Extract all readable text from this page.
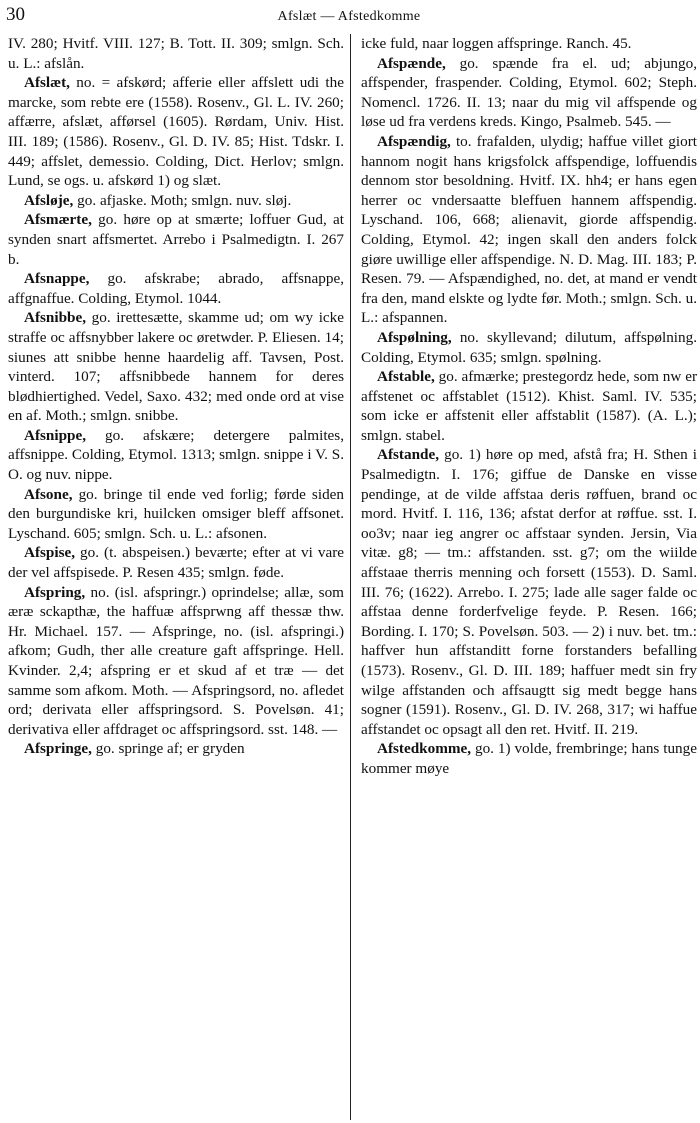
30	Afslæt — Afstedkomme

IV. 280; Hvitf. VIII. 127; B. Tott. II. 309; smlgn. Sch. u. L.: afslån.

Afslæt, no. = afskørd; afferie eller affslett udi the marcke, som rebte ere (1558). Rosenv., Gl. L. IV. 260; affærre, afslæt, afførsel (1605). Rørdam, Univ. Hist. III. 189; (1586). Rosenv., Gl. D. IV. 85; Hist. Tdskr. I. 449; affslet, demessio. Colding, Dict. Herlov; smlgn. Lund, se ogs. u. afskørd 1) og slæt.

Afsløje, go. afjaske. Moth; smlgn. nuv. sløj.

Afsmærte, go. høre op at smærte; loffuer Gud, at synden snart affsmertet. Arrebo i Psalmedigtn. I. 267 b.

Afsnappe, go. afskrabe; abrado, affsnappe, affgnaffue. Colding, Etymol. 1044.

Afsnibbe, go. irettesætte, skamme ud; om wy icke straffe oc affsnybber lakere oc øretwder. P. Eliesen. 14; siunes att snibbe henne haardelig aff. Tavsen, Post. vinterd. 107; affsnibbede hannem for deres blødhiertighed. Vedel, Saxo. 432; med onde ord at vise en af. Moth.; smlgn. snibbe.

Afsnippe, go. afskære; detergere palmites, affsnippe. Colding, Etymol. 1313; smlgn. snippe i V. S. O. og nuv. nippe.

Afsone, go. bringe til ende ved forlig; førde siden den burgundiske kri, huilcken omsiger bleff affsonet. Lyschand. 605; smlgn. Sch. u. L.: afsonen.

Afspise, go. (t. abspeisen.) beværte; efter at vi vare der vel affspisede. P. Resen 435; smlgn. føde.

Afspring, no. (isl. afspringr.) oprindelse; allæ, som æræ sckapthæ, the haffuæ affsprwng aff thessæ thw. Hr. Michael. 157. — Afspringe, no. (isl. afspringi.) afkom; Gudh, ther alle creature gaft affspringe. Hell. Kvinder. 2,4; afspring er et skud af et træ — det samme som afkom. Moth. — Afspringsord, no. afledet ord; derivata eller affspringsord. S. Povelsøn. 41; derivativa eller affdraget oc affspringsord. sst. 148. —

Afspringe, go. springe af; er gryden

icke fuld, naar loggen affspringe. Ranch. 45.

Afspænde, go. spænde fra el. ud; abjungo, affspender, fraspender. Colding, Etymol. 602; Steph. Nomencl. 1726. II. 13; naar du mig vil affspende og løse ud fra verdens kreds. Kingo, Psalmeb. 545. —

Afspændig, to. frafalden, ulydig; haffue villet giort hannom nogit hans krigsfolck affspendige, loffuendis dennom stor besoldning. Hvitf. IX. hh4; er hans egen herrer oc vndersaatte bleffuen hannem affspendig. Lyschand. 106, 668; alienavit, giorde affspendig. Colding, Etymol. 42; ingen skall den anders folck giøre uwillige eller affspendige. N. D. Mag. III. 183; P. Resen. 79. — Afspændighed, no. det, at mand er vendt fra den, mand elskte og lydte før. Moth.; smlgn. Sch. u. L.: afspannen.

Afspølning, no. skyllevand; dilutum, affspølning. Colding, Etymol. 635; smlgn. spølning.

Afstable, go. afmærke; prestegordz hede, som nw er affstenet oc affstablet (1512). Khist. Saml. IV. 535; som icke er affstenit eller affstablit (1587). (A. L.); smlgn. stabel.

Afstande, go. 1) høre op med, afstå fra; H. Sthen i Psalmedigtn. I. 176; giffue de Danske en visse pendinge, at de vilde affstaa deris røffuen, brand oc mord. Hvitf. I. 116, 136; afstat derfor at røffue. sst. I. oo3v; naar ieg angrer oc affstaar synden. Jersin, Via vitæ. g8; — tm.: affstanden. sst. g7; om the wiilde affstaae therris menning och forsett (1553). D. Saml. III. 76; (1622). Arrebo. I. 275; lade alle sager falde oc affstaa denne forderfvelige feyde. P. Resen. 166; Bording. I. 170; S. Povelsøn. 503. — 2) i nuv. bet. tm.: haffver hun affstanditt forne forstanders befalling (1573). Rosenv., Gl. D. III. 189; haffuer medt sin fry wilge affstanden och affsaugtt sig medt begge hans sogner (1591). Rosenv., Gl. D. IV. 268, 317; wi haffue affstandet oc opsagt all den ret. Hvitf. II. 219.

Afstedkomme, go. 1) volde, frembringe; hans tunge kommer møye
